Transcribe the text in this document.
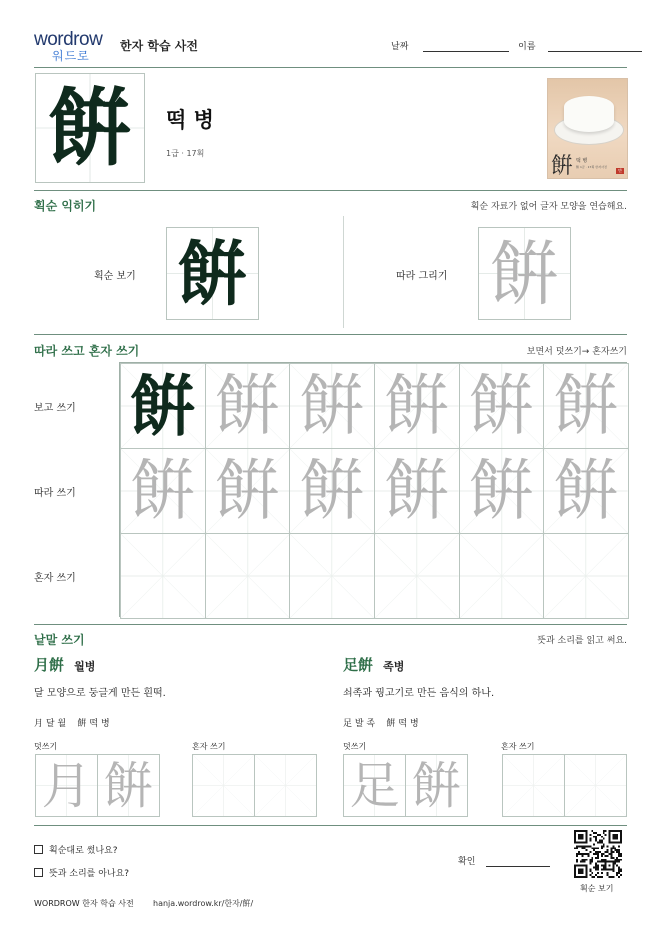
wordrow
워드로
한자 학습 사전	날짜	이름
餠	떡 병
1급 · 17획
餠 떡 병
餠 1급 · 17획 한자사전
만
획순 익히기	획순 자료가 없어 글자 모양을 연습해요.
획순 보기 餠	따라 그리기 餠
따라 쓰고 혼자 쓰기	보면서 덧쓰기→ 혼자쓰기
보고 쓰기
따라 쓰기
혼자 쓰기
餠 餠 餠 餠 餠 餠
餠 餠 餠 餠 餠 餠
낱말 쓰기	뜻과 소리를 읽고 써요.
月餠 월병
달 모양으로 둥글게 만든 흰떡.
月 달 월    餠 떡 병
덧쓰기	혼자 쓰기
月 餠
足餠 족병
쇠족과 꿩고기로 만든 음식의 하나.
足 발 족    餠 떡 병
덧쓰기	혼자 쓰기
足 餠
획순대로 썼나요?
뜻과 소리를 아나요?
확인
획순 보기
WORDROW 한자 학습 사전 hanja.wordrow.kr/한자/餠/
